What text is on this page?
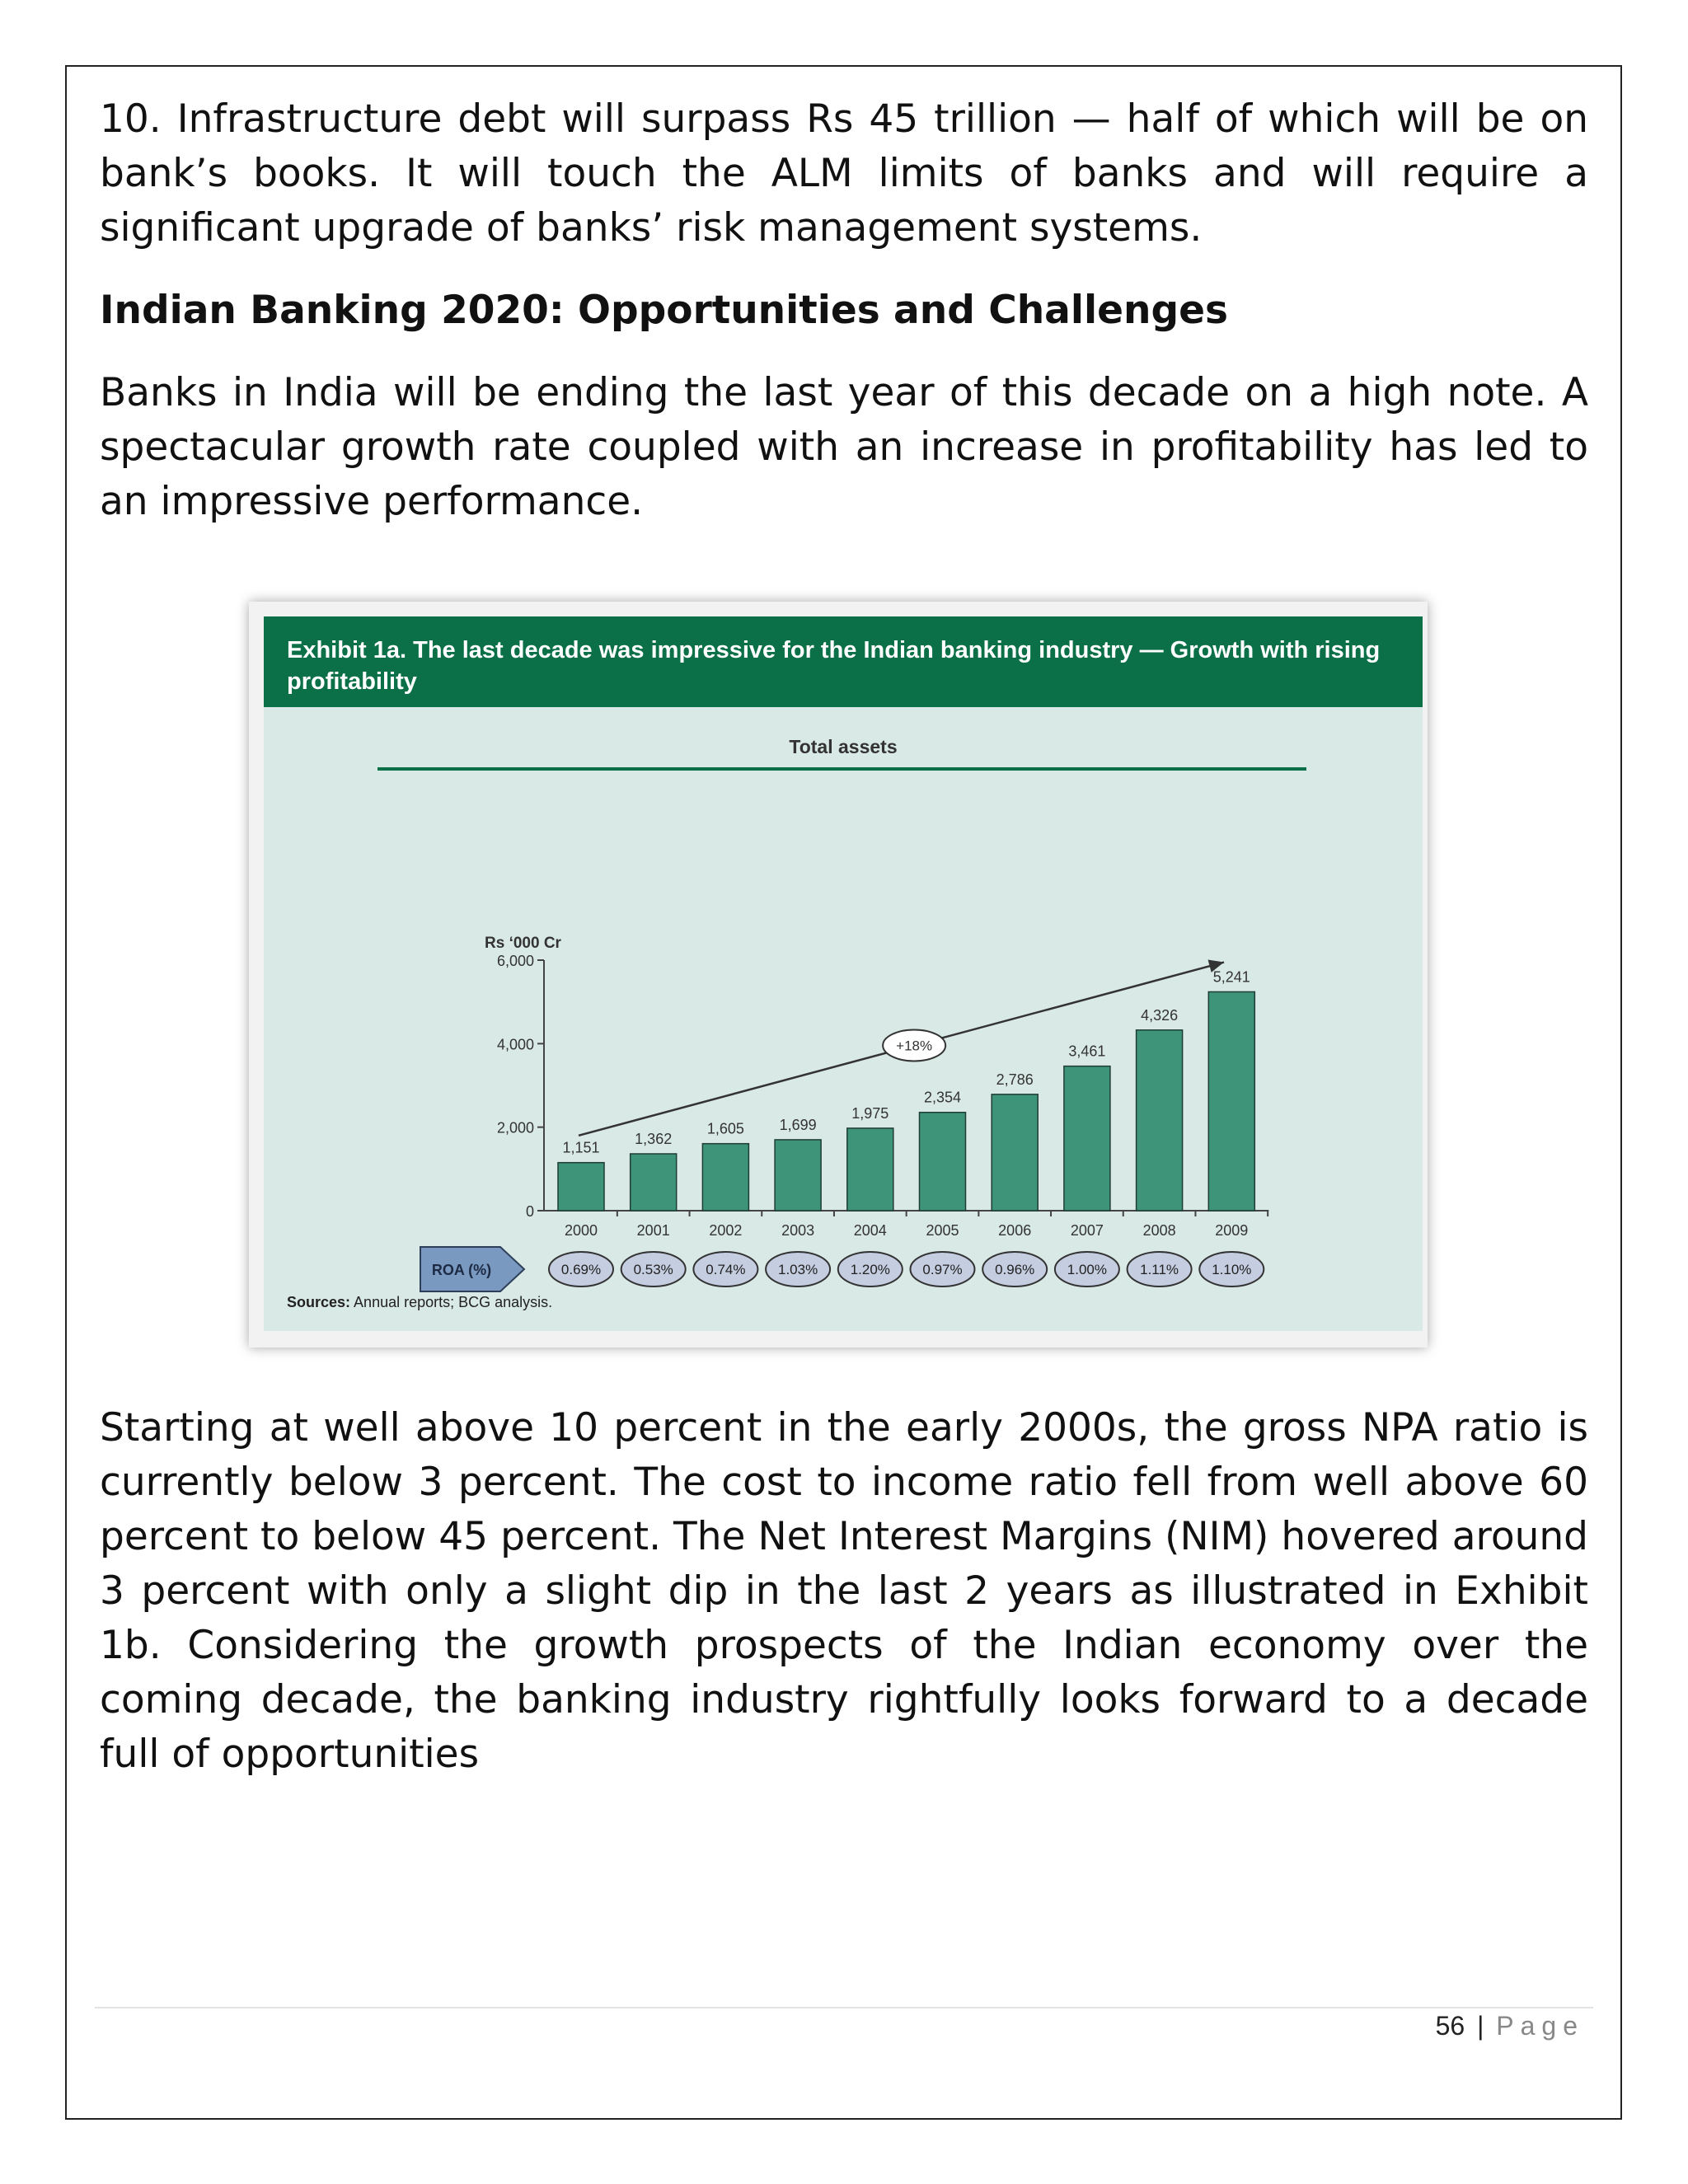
10. Infrastructure debt will surpass Rs 45 trillion — half of which will be on bank’s books. It will touch the ALM limits of banks and will require a significant upgrade of banks’ risk management systems.

Indian Banking 2020: Opportunities and Challenges

Banks in India will be ending the last year of this decade on a high note. A spectacular growth rate coupled with an increase in profitability has led to an impressive performance.

Exhibit 1a. The last decade was impressive for the Indian banking industry — Growth with rising profitability
Total assets
Rs ‘000 Cr
0
2,000
4,000
6,000
1,151
2000
1,362
2001
1,605
2002
1,699
2003
1,975
2004
2,354
2005
2,786
2006
3,461
2007
4,326
2008
5,241
2009
+18%
ROA (%)	0.69% 0.53% 0.74% 1.03% 1.20% 0.97% 0.96% 1.00% 1.11% 1.10%
Sources: Annual reports; BCG analysis.

Starting at well above 10 percent in the early 2000s, the gross NPA ratio is currently below 3 percent. The cost to income ratio fell from well above 60 percent to below 45 percent. The Net Interest Margins (NIM) hovered around 3 percent with only a slight dip in the last 2 years as illustrated in Exhibit 1b. Considering the growth prospects of the Indian economy over the coming decade, the banking industry rightfully looks forward to a decade full of opportunities

56 | Page
